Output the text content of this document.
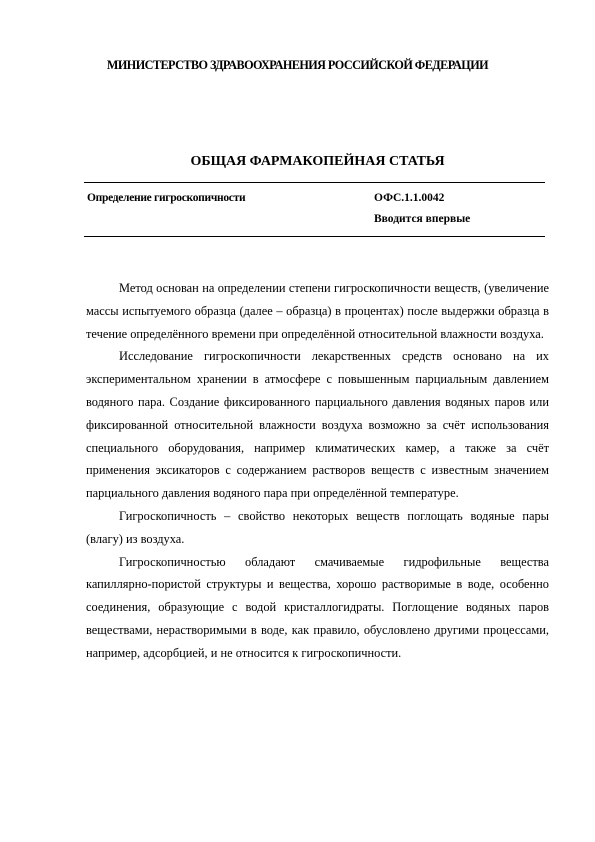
МИНИСТЕРСТВО ЗДРАВООХРАНЕНИЯ РОССИЙСКОЙ ФЕДЕРАЦИИ
ОБЩАЯ ФАРМАКОПЕЙНАЯ СТАТЬЯ
Определение гигроскопичности	ОФС.1.1.0042
Вводится впервые

Метод основан на определении степени гигроскопичности веществ, (увеличение массы испытуемого образца (далее – образца) в процентах) после выдержки образца в течение определённого времени при определённой относительной влажности воздуха.

Исследование гигроскопичности лекарственных средств основано на их экспериментальном хранении в атмосфере с повышенным парциальным давлением водяного пара. Создание фиксированного парциального давления водяных паров или фиксированной относительной влажности воздуха возможно за счёт использования специального оборудования, например климатических камер, а также за счёт применения эксикаторов с содержанием растворов веществ с известным значением парциального давления водяного пара при определённой температуре.

Гигроскопичность – свойство некоторых веществ поглощать водяные пары (влагу) из воздуха.

Гигроскопичностью обладают смачиваемые гидрофильные вещества капиллярно-пористой структуры и вещества, хорошо растворимые в воде, особенно соединения, образующие с водой кристаллогидраты. Поглощение водяных паров веществами, нерастворимыми в воде, как правило, обусловлено другими процессами, например, адсорбцией, и не относится к гигроскопичности.
